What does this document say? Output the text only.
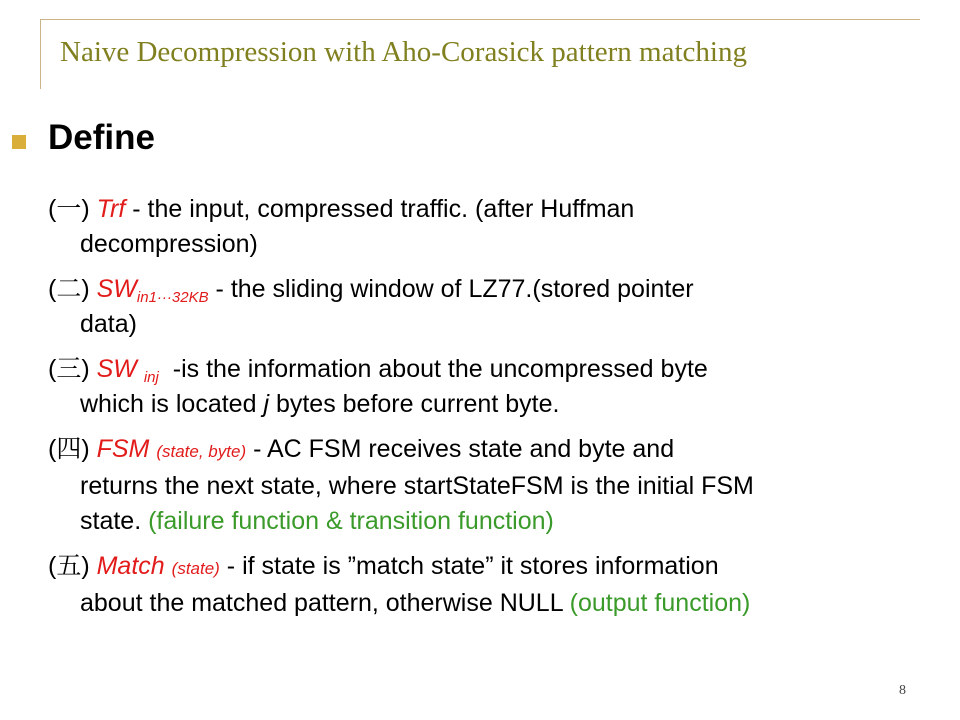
Naive Decompression with Aho-Corasick pattern matching
Define
(一) Trf - the input, compressed traffic. (after Huffman
decompression)
(二) $SW_{in1\cdot\cdot\cdot 32KB}$ - the sliding window of LZ77.(stored pointer
data)
(三) SW $_{inj}$ -is the information about the uncompressed byte
which is located j bytes before current byte.
(四) FSM (state, byte) - AC FSM receives state and byte and
returns the next state, where startStateFSM is the initial FSM
state. (failure function & transition function)
(五) Match (state) - if state is ”match state” it stores information
about the matched pattern, otherwise NULL (output function)
8
